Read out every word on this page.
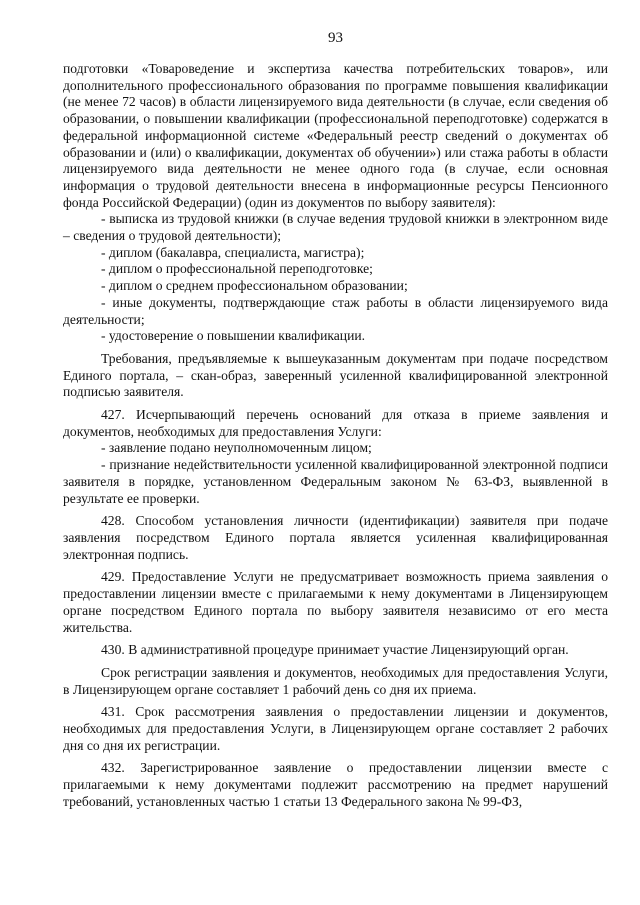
93

подготовки «Товароведение и экспертиза качества потребительских товаров», или дополнительного профессионального образования по программе повышения квалификации (не менее 72 часов) в области лицензируемого вида деятельности (в случае, если сведения об образовании, о повышении квалификации (профессиональной переподготовке) содержатся в федеральной информационной системе «Федеральный реестр сведений о документах об образовании и (или) о квалификации, документах об обучении») или стажа работы в области лицензируемого вида деятельности не менее одного года (в случае, если основная информация о трудовой деятельности внесена в информационные ресурсы Пенсионного фонда Российской Федерации) (один из документов по выбору заявителя):

- выписка из трудовой книжки (в случае ведения трудовой книжки в электронном виде – сведения о трудовой деятельности);

- диплом (бакалавра, специалиста, магистра);

- диплом о профессиональной переподготовке;

- диплом о среднем профессиональном образовании;

- иные документы, подтверждающие стаж работы в области лицензируемого вида деятельности;

- удостоверение о повышении квалификации.

Требования, предъявляемые к вышеуказанным документам при подаче посредством Единого портала, – скан-образ, заверенный усиленной квалифицированной электронной подписью заявителя.

427. Исчерпывающий перечень оснований для отказа в приеме заявления и документов, необходимых для предоставления Услуги:

- заявление подано неуполномоченным лицом;

- признание недействительности усиленной квалифицированной электронной подписи заявителя в порядке, установленном Федеральным законом № 63-ФЗ, выявленной в результате ее проверки.

428. Способом установления личности (идентификации) заявителя при подаче заявления посредством Единого портала является усиленная квалифицированная электронная подпись.

429. Предоставление Услуги не предусматривает возможность приема заявления о предоставлении лицензии вместе с прилагаемыми к нему документами в Лицензирующем органе посредством Единого портала по выбору заявителя независимо от его места жительства.

430. В административной процедуре принимает участие Лицензирующий орган.

Срок регистрации заявления и документов, необходимых для предоставления Услуги, в Лицензирующем органе составляет 1 рабочий день со дня их приема.

431. Срок рассмотрения заявления о предоставлении лицензии и документов, необходимых для предоставления Услуги, в Лицензирующем органе составляет 2 рабочих дня со дня их регистрации.

432. Зарегистрированное заявление о предоставлении лицензии вместе с прилагаемыми к нему документами подлежит рассмотрению на предмет нарушений требований, установленных частью 1 статьи 13 Федерального закона № 99-ФЗ,
